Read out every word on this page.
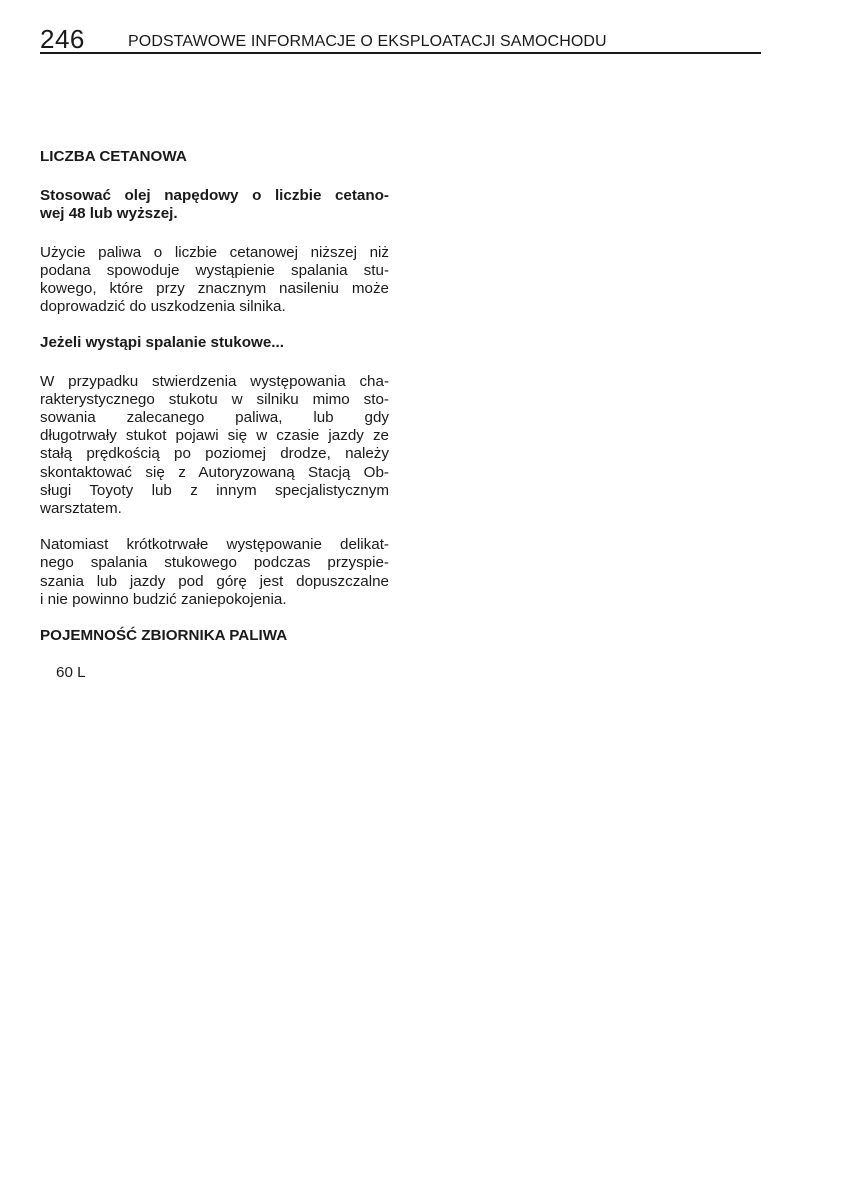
246	PODSTAWOWE INFORMACJE O EKSPLOATACJI SAMOCHODU
LICZBA CETANOWA
Stosować olej napędowy o liczbie cetano-
wej 48 lub wyższej.
Użycie paliwa o liczbie cetanowej niższej niż
podana spowoduje wystąpienie spalania stu-
kowego, które przy znacznym nasileniu może
doprowadzić do uszkodzenia silnika.
Jeżeli wystąpi spalanie stukowe...
W przypadku stwierdzenia występowania cha-
rakterystycznego stukotu w silniku mimo sto-
sowania zalecanego paliwa, lub gdy
długotrwały stukot pojawi się w czasie jazdy ze
stałą prędkością po poziomej drodze, należy
skontaktować się z Autoryzowaną Stacją Ob-
sługi Toyoty lub z innym specjalistycznym
warsztatem.
Natomiast krótkotrwałe występowanie delikat-
nego spalania stukowego podczas przyspie-
szania lub jazdy pod górę jest dopuszczalne
i nie powinno budzić zaniepokojenia.
POJEMNOŚĆ ZBIORNIKA PALIWA
60 L
